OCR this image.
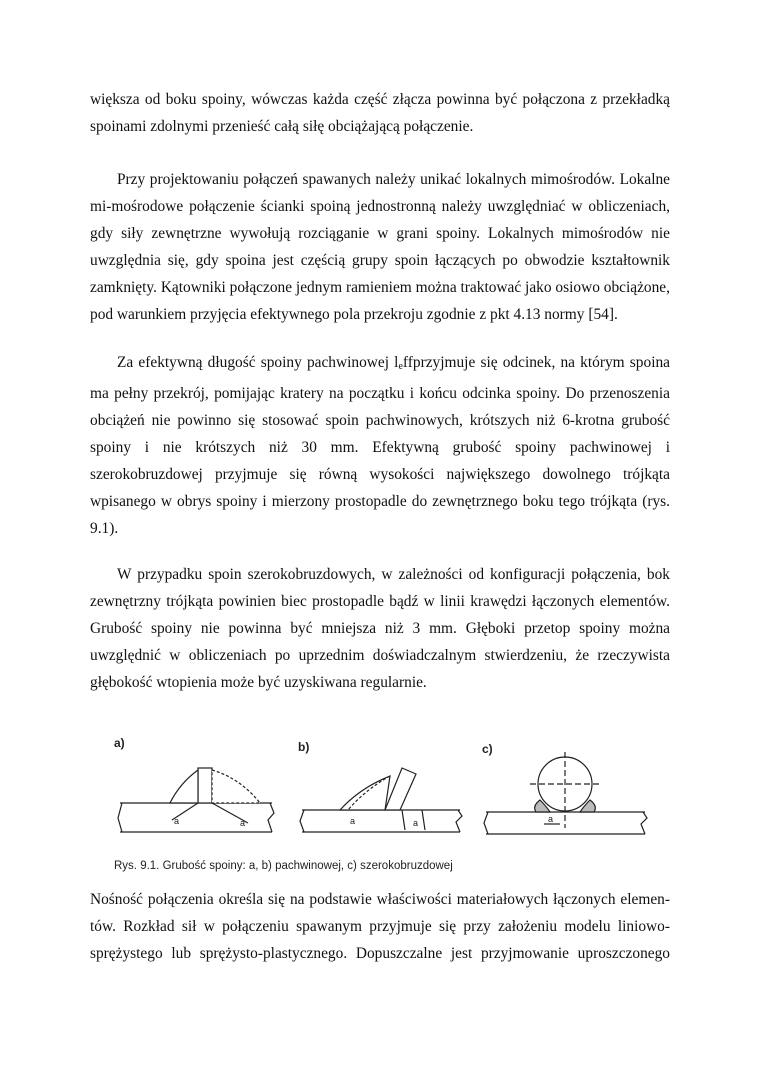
większa od boku spoiny, wówczas każda część złącza powinna być połączona z przekładką
spoinami zdolnymi przenieść całą siłę obciążającą połączenie.

Przy projektowaniu połączeń spawanych należy unikać lokalnych mimośrodów. Lokalne
mi-mośrodowe połączenie ścianki spoiną jednostronną należy uwzględniać w obliczeniach,
gdy siły zewnętrzne wywołują rozciąganie w grani spoiny. Lokalnych mimośrodów nie
uwzględnia się, gdy spoina jest częścią grupy spoin łączących po obwodzie kształtownik
zamknięty. Kątowniki połączone jednym ramieniem można traktować jako osiowo obciążone,
pod warunkiem przyjęcia efektywnego pola przekroju zgodnie z pkt 4.13 normy [54].

Za efektywną długość spoiny pachwinowej $l_effprzyjmuje$ się odcinek, na którym spoina
ma pełny przekrój, pomijając kratery na początku i końcu odcinka spoiny. Do przenoszenia
obciążeń nie powinno się stosować spoin pachwinowych, krótszych niż 6-krotna grubość
spoiny i nie krótszych niż 30 mm. Efektywną grubość spoiny pachwinowej i
szerokobruzdowej przyjmuje się równą wysokości największego dowolnego trójkąta
wpisanego w obrys spoiny i mierzony prostopadle do zewnętrznego boku tego trójkąta (rys.
9.1).

W przypadku spoin szerokobruzdowych, w zależności od konfiguracji połączenia, bok
zewnętrzny trójkąta powinien biec prostopadle bądź w linii krawędzi łączonych elementów.
Grubość spoiny nie powinna być mniejsza niż 3 mm. Głęboki przetop spoiny można
uwzględnić w obliczeniach po uprzednim doświadczalnym stwierdzeniu, że rzeczywista
głębokość wtopienia może być uzyskiwana regularnie.

a)	b)	c)
a	a	a	a	a
Rys. 9.1. Grubość spoiny: a, b) pachwinowej, c) szerokobruzdowej

Nośność połączenia określa się na podstawie właściwości materiałowych łączonych elemen-
tów. Rozkład sił w połączeniu spawanym przyjmuje się przy założeniu modelu liniowo-
sprężystego lub sprężysto-plastycznego. Dopuszczalne jest przyjmowanie uproszczonego
